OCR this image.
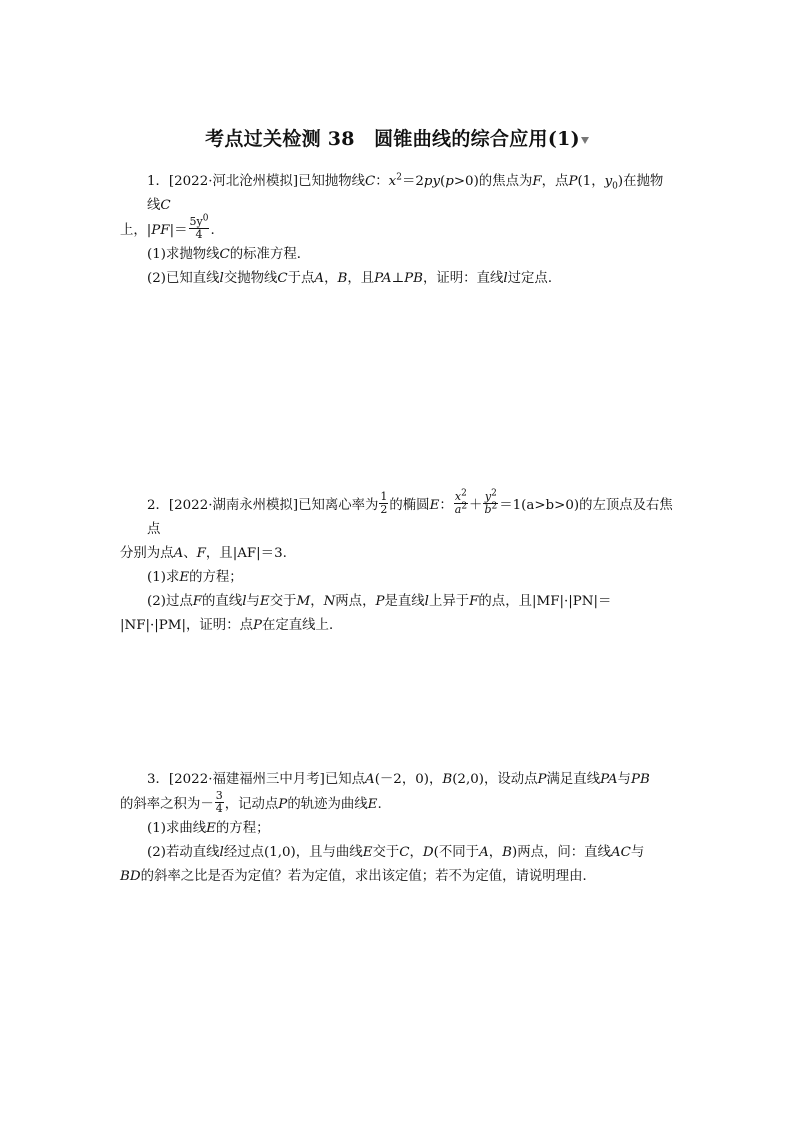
考点过关检测 38　圆锥曲线的综合应用(1)
1．[2022·河北沧州模拟]已知抛物线C：$x^2=2py(p>0)$的焦点为F，点P(1，$y_0$)在抛物线C
上，$|PF|= \frac{5y^0}{4}$ .
(1)求抛物线C的标准方程．
(2)已知直线l交抛物线C于点A，B，且PA⊥PB，证明：直线l过定点．
2．[2022·湖南永州模拟]已知离心率为 $\frac{1}{2}$ 的椭圆E： $\frac{x^2}{a^2} + \frac{y^2}{b^2} =1(a>b>0)$的左顶点及右焦点
分别为点A、F，且|AF|＝3.
(1)求E的方程；
(2)过点F的直线l与E交于M，N两点，P是直线l上异于F的点，且|MF|·|PN|＝
|NF|·|PM|，证明：点P在定直线上．
3．[2022·福建福州三中月考]已知点A(－2，0)，B(2,0)，设动点P满足直线PA与PB
的斜率之积为－ $\frac{3}{4}$ ，记动点P的轨迹为曲线E.
(1)求曲线E的方程；
(2)若动直线l经过点(1,0)，且与曲线E交于C，D(不同于A，B)两点，问：直线AC与
BD的斜率之比是否为定值？若为定值，求出该定值；若不为定值，请说明理由．
